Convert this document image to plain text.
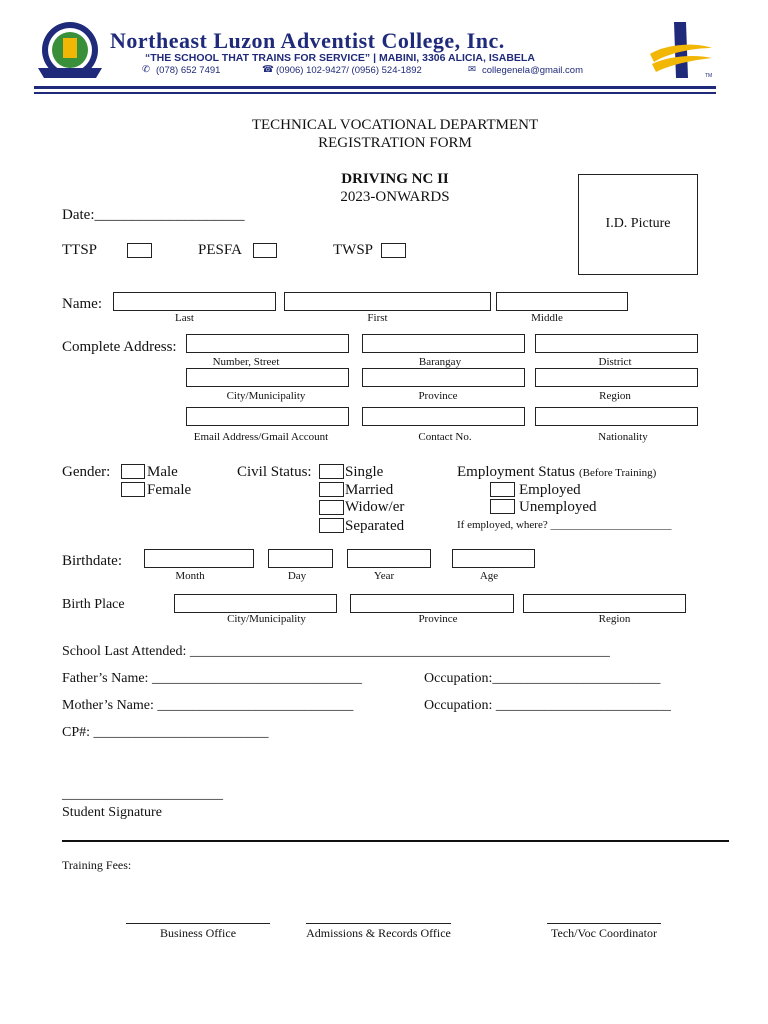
Northeast Luzon Adventist College, Inc.
“THE SCHOOL THAT TRAINS FOR SERVICE” | MABINI, 3306 ALICIA, ISABELA
✆ (078) 652 7491	☎ (0906) 102-9427/ (0956) 524-1892	✉ collegenela@gmail.com	TM
TECHNICAL VOCATIONAL DEPARTMENT
REGISTRATION FORM
DRIVING NC II
2023-ONWARDS
I.D. Picture
Date:____________________
TTSP	PESFA	TWSP
Name:
Last	First	Middle
Complete Address:
Number, Street	Barangay	District
City/Municipality	Province	Region
Email Address/Gmail Account	Contact No.	Nationality
Gender: Male
Female
Civil Status: Single
Married
Widow/er
Separated
Employment Status (Before Training)
Employed
Unemployed
If employed, where? ______________________
Birthdate:
Month	Day	Year	Age
Birth Place
City/Municipality	Province	Region
School Last Attended: ____________________________________________________________
Father’s Name: ______________________________	Occupation:________________________
Mother’s Name: ____________________________	Occupation: _________________________
CP#: _________________________
_______________________
Student Signature
Training Fees:
Business Office	Admissions & Records Office	Tech/Voc Coordinator
